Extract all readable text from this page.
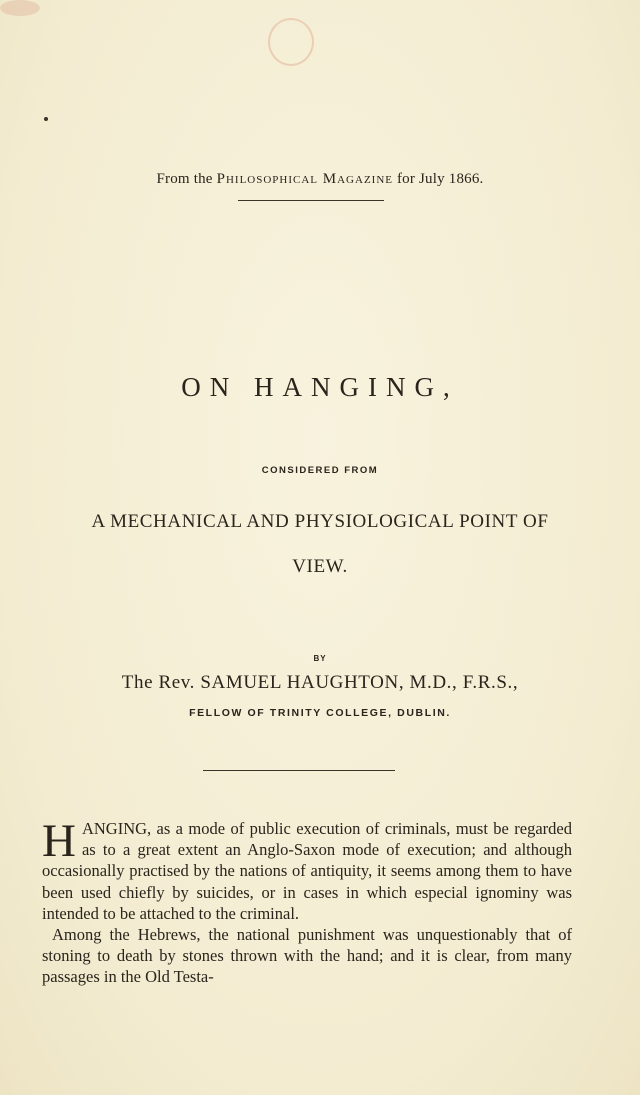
From the Philosophical Magazine for July 1866.
ON HANGING,
CONSIDERED FROM
A MECHANICAL AND PHYSIOLOGICAL POINT OF
VIEW.
BY
The Rev. SAMUEL HAUGHTON, M.D., F.R.S.,
FELLOW OF TRINITY COLLEGE, DUBLIN.

HANGING, as a mode of public execution of criminals, must be regarded as to a great extent an Anglo-Saxon mode of execution; and although occasionally practised by the nations of antiquity, it seems among them to have been used chiefly by suicides, or in cases in which especial ignominy was intended to be attached to the criminal.

Among the Hebrews, the national punishment was unquestionably that of stoning to death by stones thrown with the hand; and it is clear, from many passages in the Old Testa-
